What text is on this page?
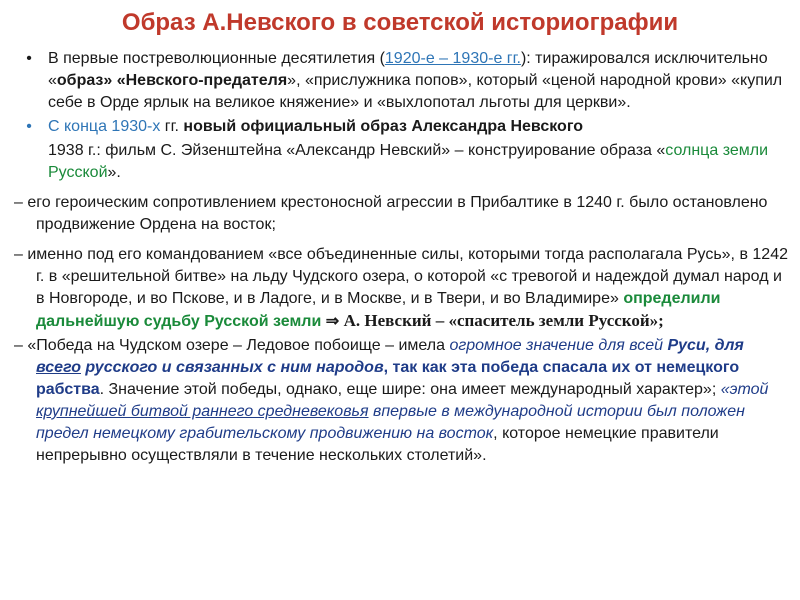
Образ А.Невского в советской историографии

• В первые постреволюционные десятилетия (1920-е – 1930-е гг.): тиражировался исключительно «образ» «Невского-предателя», «прислужника попов», который «ценой народной крови» «купил себе в Орде ярлык на великое княжение» и «выхлопотал льготы для церкви».

• С конца 1930-х гг. новый официальный образ Александра Невского

1938 г.: фильм С. Эйзенштейна «Александр Невский» – конструирование образа «солнца земли Русской».

– его героическим сопротивлением крестоносной агрессии в Прибалтике в 1240 г. было остановлено продвижение Ордена на восток;

– именно под его командованием «все объединенные силы, которыми тогда располагала Русь», в 1242 г. в «решительной битве» на льду Чудского озера, о которой «с тревогой и надеждой думал народ и в Новгороде, и во Пскове, и в Ладоге, и в Москве, и в Твери, и во Владимире» определили дальнейшую судьбу Русской земли ⇒ А. Невский – «спаситель земли Русской»;

– «Победа на Чудском озере – Ледовое побоище – имела огромное значение для всей Руси, для всего русского и связанных с ним народов, так как эта победа спасала их от немецкого рабства. Значение этой победы, однако, еще шире: она имеет международный характер»; «этой крупнейшей битвой раннего средневековья впервые в международной истории был положен предел немецкому грабительскому продвижению на восток, которое немецкие правители непрерывно осуществляли в течение нескольких столетий».
